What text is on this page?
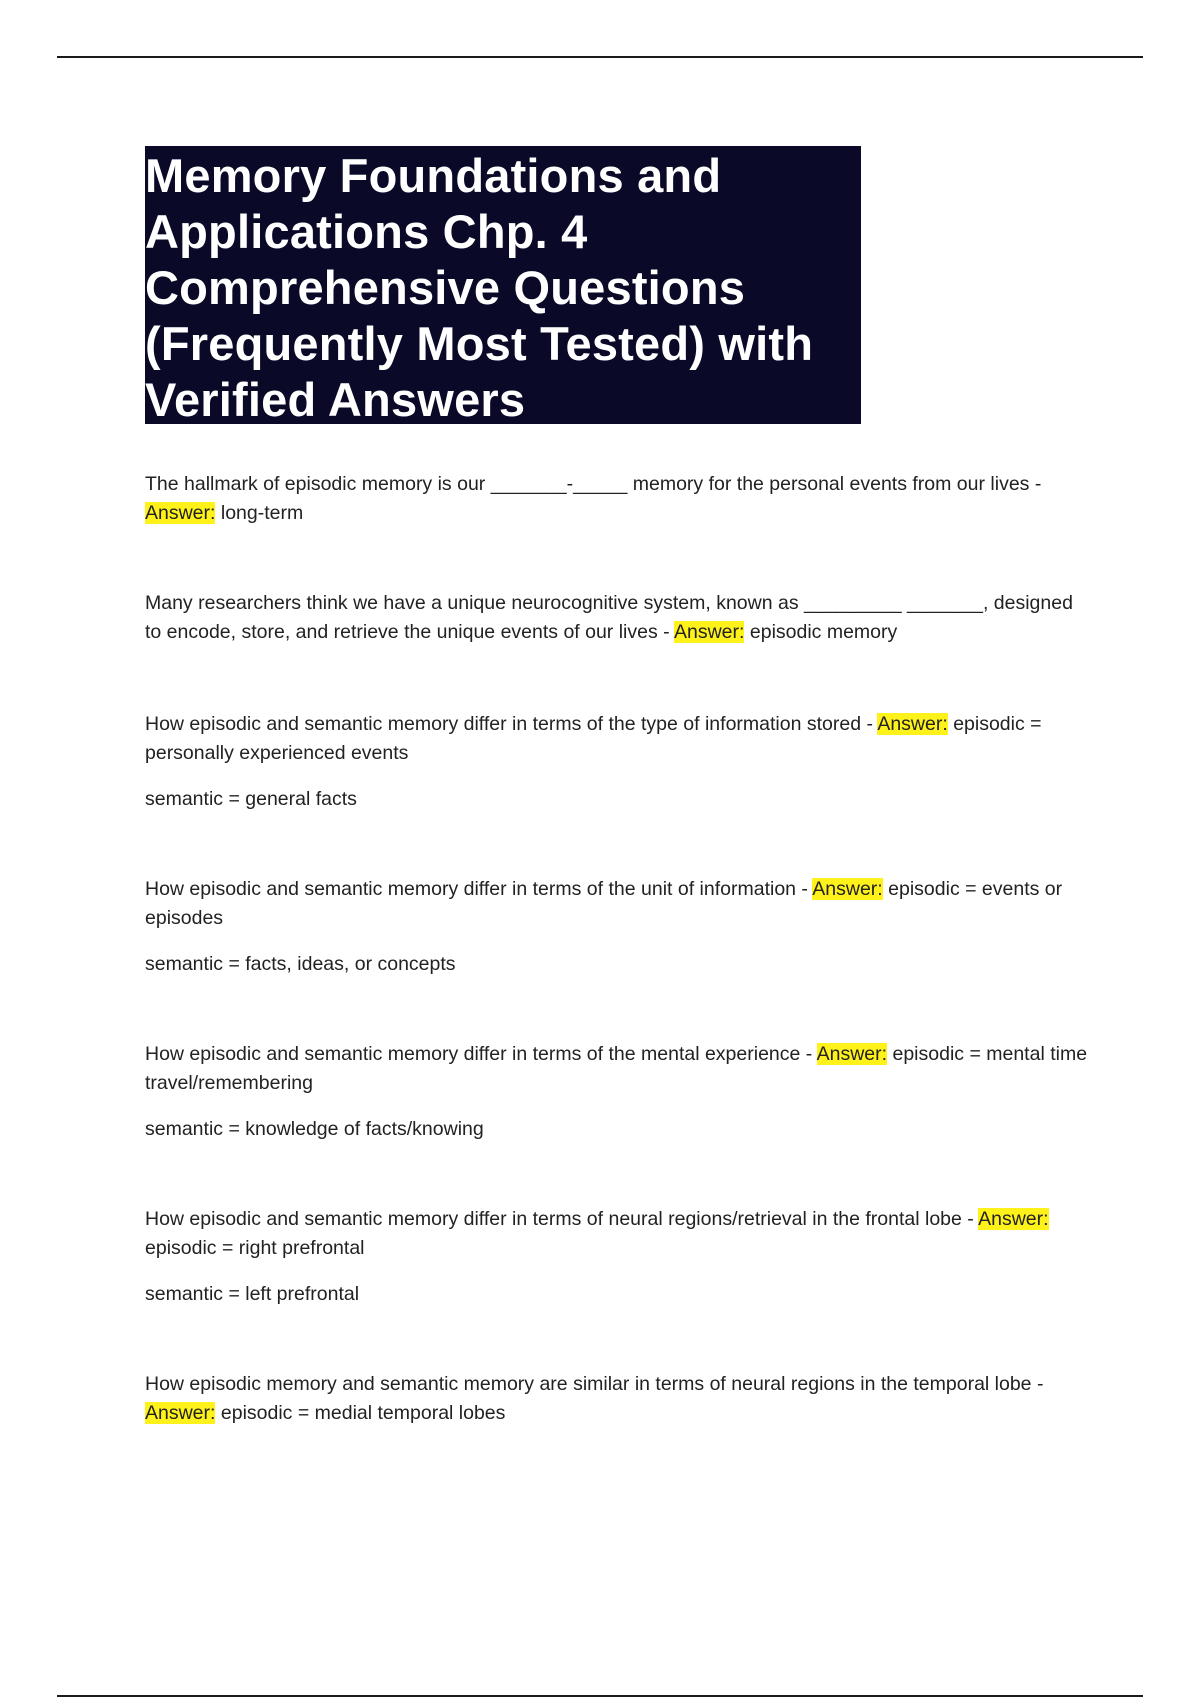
Memory Foundations and Applications Chp. 4 Comprehensive Questions (Frequently Most Tested) with Verified Answers

The hallmark of episodic memory is our _______-_____ memory for the personal events from our lives - Answer: long-term

Many researchers think we have a unique neurocognitive system, known as _________ _______, designed to encode, store, and retrieve the unique events of our lives - Answer: episodic memory

How episodic and semantic memory differ in terms of the type of information stored - Answer: episodic = personally experienced events

semantic = general facts

How episodic and semantic memory differ in terms of the unit of information - Answer: episodic = events or episodes

semantic = facts, ideas, or concepts

How episodic and semantic memory differ in terms of the mental experience - Answer: episodic = mental time travel/remembering

semantic = knowledge of facts/knowing

How episodic and semantic memory differ in terms of neural regions/retrieval in the frontal lobe - Answer: episodic = right prefrontal

semantic = left prefrontal

How episodic memory and semantic memory are similar in terms of neural regions in the temporal lobe - Answer: episodic = medial temporal lobes
